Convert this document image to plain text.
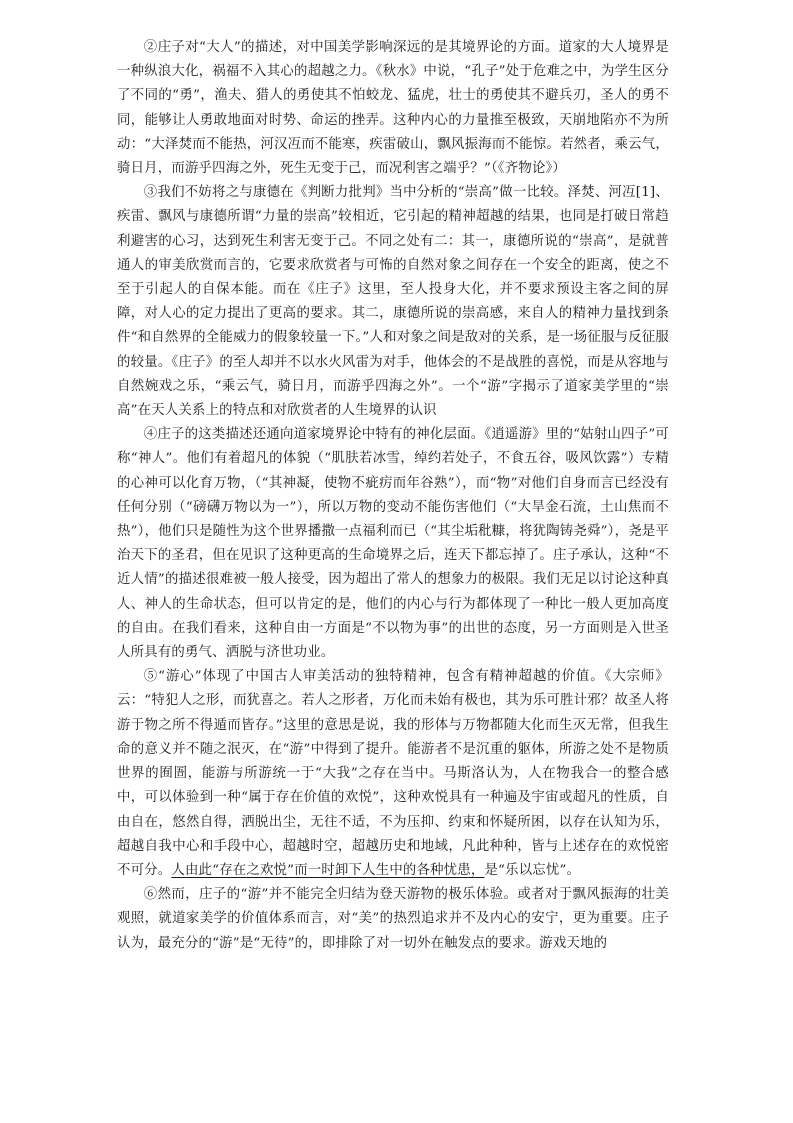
②庄子对“大人”的描述，对中国美学影响深远的是其境界论的方面。道家的大人境界是一种纵浪大化，祸福不入其心的超越之力。《秋水》中说，“孔子”处于危难之中，为学生区分了不同的“勇”，渔夫、猎人的勇使其不怕蛟龙、猛虎，壮士的勇使其不避兵刃，圣人的勇不同，能够让人勇敢地面对时势、命运的挫弄。这种内心的力量推至极致，天崩地陷亦不为所动：“大泽焚而不能热，河汉冱而不能寒，疾雷破山，飘风振海而不能惊。若然者，乘云气，骑日月，而游乎四海之外，死生无变于己，而况利害之端乎？”（《齐物论》）

③我们不妨将之与康德在《判断力批判》当中分析的“崇高”做一比较。泽焚、河冱[1]、疾雷、飘风与康德所谓“力量的崇高”较相近，它引起的精神超越的结果，也同是打破日常趋利避害的心习，达到死生利害无变于己。不同之处有二：其一，康德所说的“崇高”，是就普通人的审美欣赏而言的，它要求欣赏者与可怖的自然对象之间存在一个安全的距离，使之不至于引起人的自保本能。而在《庄子》这里，至人投身大化，并不要求预设主客之间的屏障，对人心的定力提出了更高的要求。其二，康德所说的崇高感，来自人的精神力量找到条件“和自然界的全能威力的假象较量一下。”人和对象之间是敌对的关系，是一场征服与反征服的较量。《庄子》的至人却并不以水火风雷为对手，他体会的不是战胜的喜悦，而是从容地与自然婉戏之乐，“乘云气，骑日月，而游乎四海之外”。一个“游”字揭示了道家美学里的“崇高”在天人关系上的特点和对欣赏者的人生境界的认识

④庄子的这类描述还通向道家境界论中特有的神化层面。《逍遥游》里的“姑射山四子”可称“神人”。他们有着超凡的体貌（“肌肤若冰雪，绰约若处子，不食五谷，吸风饮露”）专精的心神可以化育万物，（“其神凝，使物不疵疠而年谷熟”），而“物”对他们自身而言已经没有任何分别（“磅礴万物以为一”），所以万物的变动不能伤害他们（“大旱金石流，土山焦而不热”），他们只是随性为这个世界播撒一点福利而已（“其尘垢秕糠，将犹陶铸尧舜”），尧是平治天下的圣君，但在见识了这种更高的生命境界之后，连天下都忘掉了。庄子承认，这种“不近人情”的描述很难被一般人接受，因为超出了常人的想象力的极限。我们无足以讨论这种真人、神人的生命状态，但可以肯定的是，他们的内心与行为都体现了一种比一般人更加高度的自由。在我们看来，这种自由一方面是“不以物为事”的出世的态度，另一方面则是入世圣人所具有的勇气、洒脱与济世功业。

⑤“游心”体现了中国古人审美活动的独特精神，包含有精神超越的价值。《大宗师》云：“特犯人之形，而犹喜之。若人之形者，万化而未始有极也，其为乐可胜计邪？故圣人将游于物之所不得遁而皆存。”这里的意思是说，我的形体与万物都随大化而生灭无常，但我生命的意义并不随之泯灭，在“游”中得到了提升。能游者不是沉重的躯体，所游之处不是物质世界的囿圄，能游与所游统一于“大我”之存在当中。马斯洛认为，人在物我合一的整合感中，可以体验到一种“属于存在价值的欢悦”，这种欢悦具有一种遍及宇宙或超凡的性质，自由自在，悠然自得，洒脱出尘，无往不适，不为压抑、约束和怀疑所困，以存在认知为乐，超越自我中心和手段中心，超越时空，超越历史和地域，凡此种种，皆与上述存在的欢悦密不可分。人由此“存在之欢悦”而一时卸下人生中的各种忧患，是“乐以忘忧”。

⑥然而，庄子的“游”并不能完全归结为登天游物的极乐体验。或者对于飘风振海的壮美观照，就道家美学的价值体系而言，对“美”的热烈追求并不及内心的安宁，更为重要。庄子认为，最充分的“游”是“无待”的，即排除了对一切外在触发点的要求。游戏天地的
